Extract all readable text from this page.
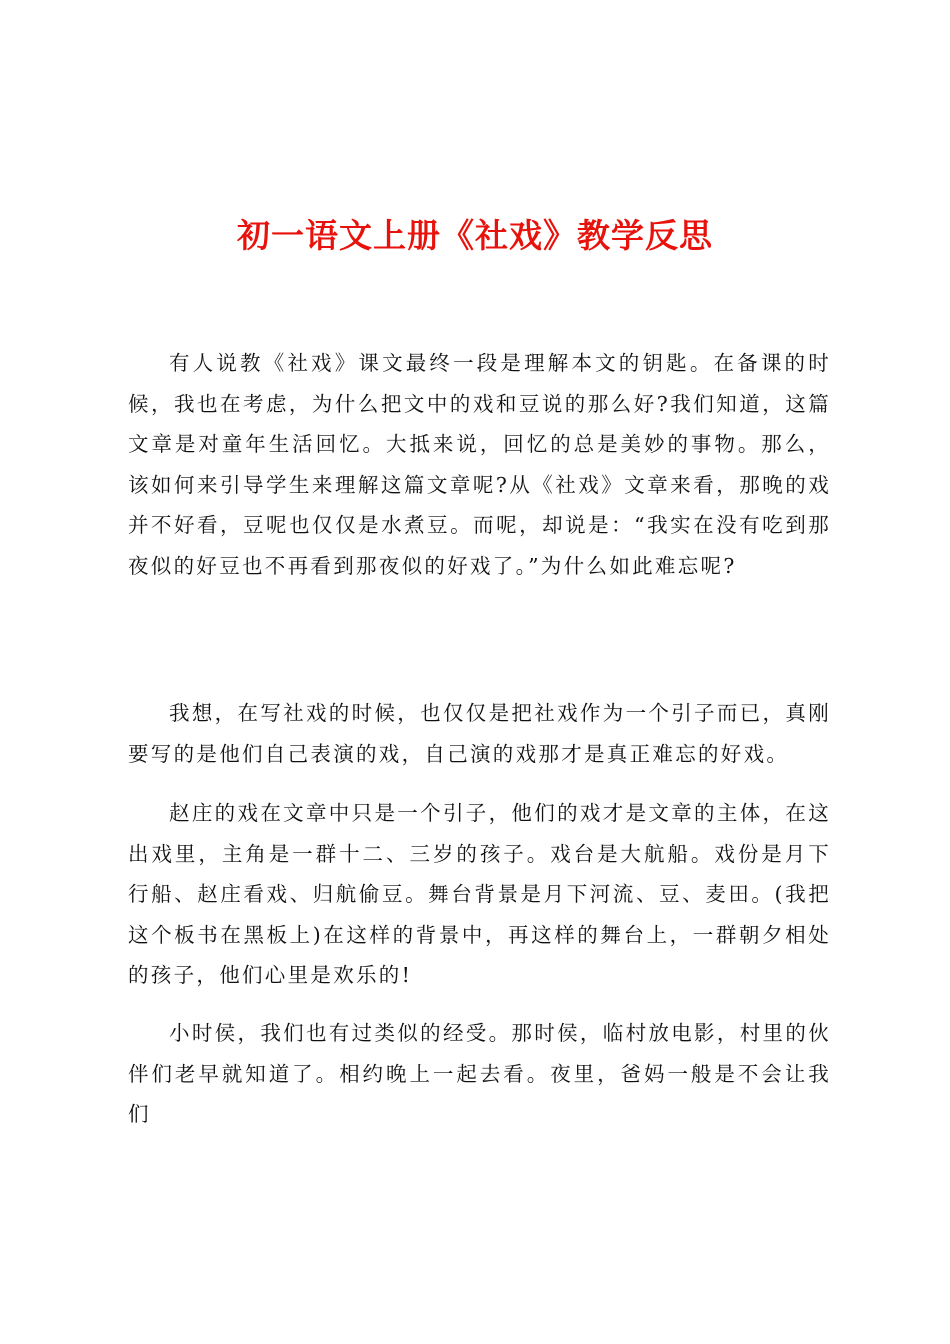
初一语文上册《社戏》教学反思

有人说教《社戏》课文最终一段是理解本文的钥匙。在备课的时候，我也在考虑，为什么把文中的戏和豆说的那么好?我们知道，这篇文章是对童年生活回忆。大抵来说，回忆的总是美妙的事物。那么，该如何来引导学生来理解这篇文章呢?从《社戏》文章来看，那晚的戏并不好看，豆呢也仅仅是水煮豆。而呢，却说是：“我实在没有吃到那夜似的好豆也不再看到那夜似的好戏了。”为什么如此难忘呢?

我想，在写社戏的时候，也仅仅是把社戏作为一个引子而已，真刚要写的是他们自己表演的戏，自己演的戏那才是真正难忘的好戏。

赵庄的戏在文章中只是一个引子，他们的戏才是文章的主体，在这出戏里，主角是一群十二、三岁的孩子。戏台是大航船。戏份是月下行船、赵庄看戏、归航偷豆。舞台背景是月下河流、豆、麦田。(我把这个板书在黑板上)在这样的背景中，再这样的舞台上，一群朝夕相处的孩子，他们心里是欢乐的!

小时侯，我们也有过类似的经受。那时侯，临村放电影，村里的伙伴们老早就知道了。相约晚上一起去看。夜里，爸妈一般是不会让我们
